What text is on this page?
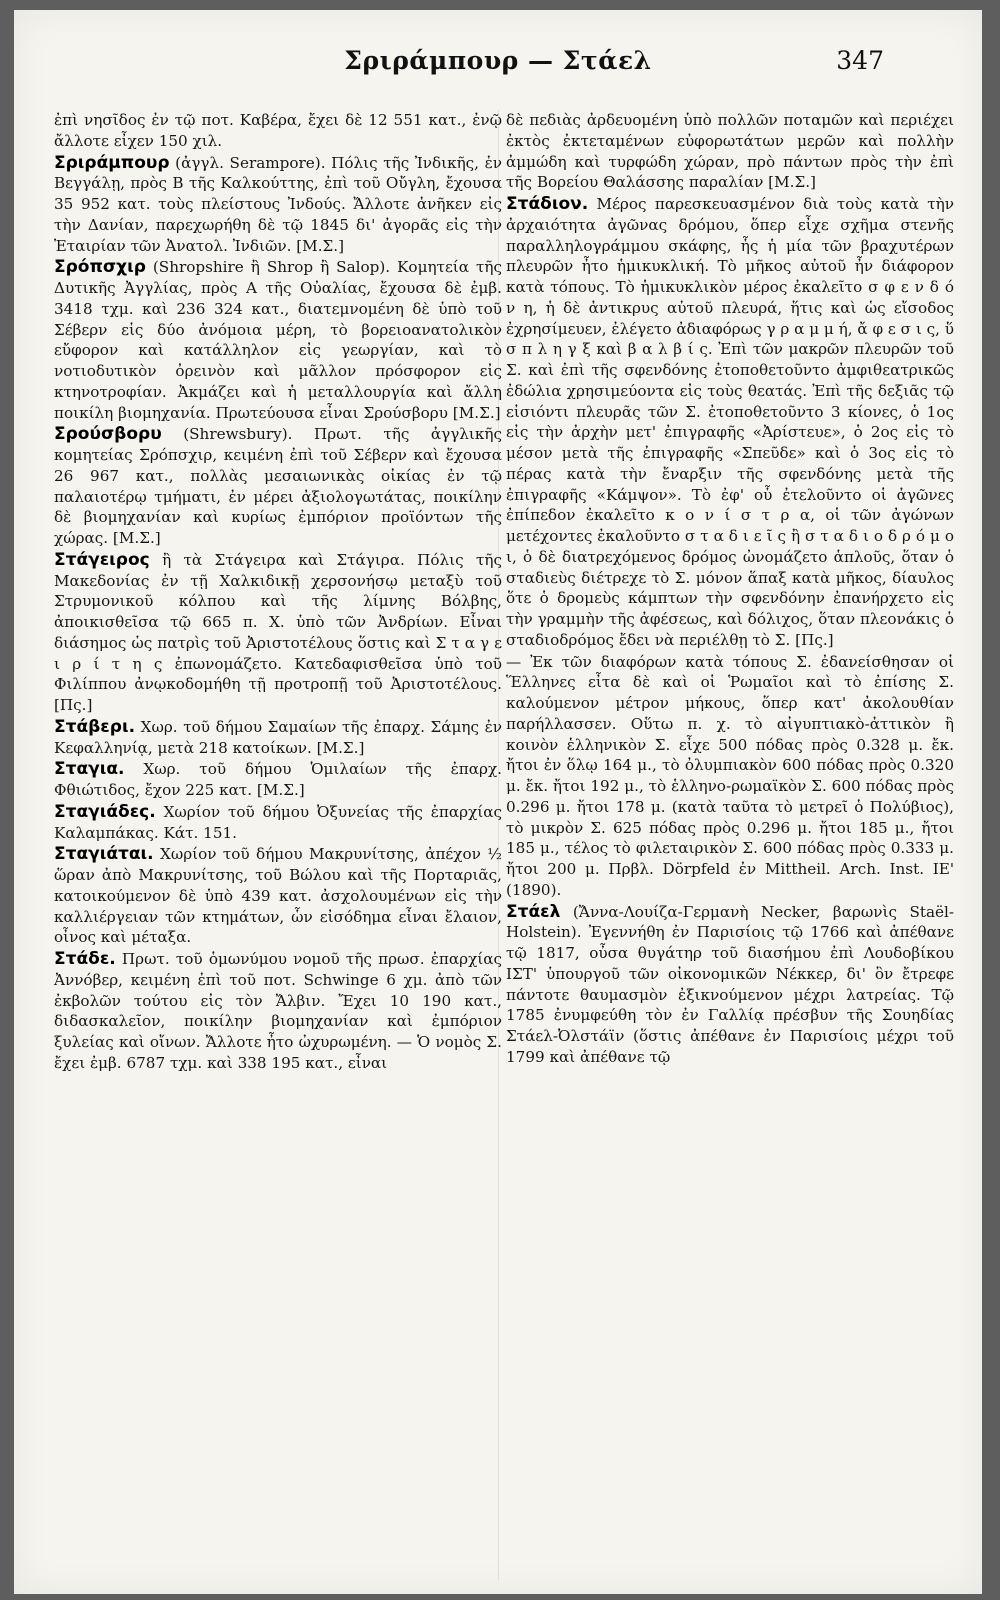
Σριράμπουρ — Στάελ	347

ἐπὶ νησῖδος ἐν τῷ ποτ. Καβέρα, ἔχει δὲ 12 551 κατ., ἐνῷ ἄλλοτε εἶχεν 150 χιλ.

Σριράμπουρ (ἀγγλ. Serampore). Πόλις τῆς Ἰνδικῆς, ἐν Βεγγάλῃ, πρὸς Β τῆς Καλκούττης, ἐπὶ τοῦ Οὔγλη, ἔχουσα 35 952 κατ. τοὺς πλείστους Ἰνδούς. Ἄλλοτε ἀνῆκεν εἰς τὴν Δανίαν, παρεχωρήθη δὲ τῷ 1845 δι' ἀγορᾶς εἰς τὴν Ἑταιρίαν τῶν Ἀνατολ. Ἰνδιῶν. [Μ.Σ.]

Σρόπσχιρ (Shropshire ἢ Shrop ἢ Salop). Κομητεία τῆς Δυτικῆς Ἀγγλίας, πρὸς Α τῆς Οὐαλίας, ἔχουσα δὲ ἐμβ. 3418 τχμ. καὶ 236 324 κατ., διατεμνομένη δὲ ὑπὸ τοῦ Σέβερν εἰς δύο ἀνόμοια μέρη, τὸ βορειοανατολικὸν εὔφορον καὶ κατάλληλον εἰς γεωργίαν, καὶ τὸ νοτιοδυτικὸν ὀρεινὸν καὶ μᾶλλον πρόσφορον εἰς κτηνοτροφίαν. Ἀκμάζει καὶ ἡ μεταλλουργία καὶ ἄλλη ποικίλη βιομηχανία. Πρωτεύουσα εἶναι Σρούσβορυ [Μ.Σ.]

Σρούσβορυ (Shrewsbury). Πρωτ. τῆς ἀγγλικῆς κομητείας Σρόπσχιρ, κειμένη ἐπὶ τοῦ Σέβερν καὶ ἔχουσα 26 967 κατ., πολλὰς μεσαιωνικὰς οἰκίας ἐν τῷ παλαιοτέρῳ τμήματι, ἐν μέρει ἀξιολογωτάτας, ποικίλην δὲ βιομηχανίαν καὶ κυρίως ἐμπόριον προϊόντων τῆς χώρας. [Μ.Σ.]

Στάγειρος ἢ τὰ Στάγειρα καὶ Στάγιρα. Πόλις τῆς Μακεδονίας ἐν τῇ Χαλκιδικῇ χερσονήσῳ μεταξὺ τοῦ Στρυμονικοῦ κόλπου καὶ τῆς λίμνης Βόλβης, ἀποικισθεῖσα τῷ 665 π. Χ. ὑπὸ τῶν Ἀνδρίων. Εἶναι διάσημος ὡς πατρὶς τοῦ Ἀριστοτέλους ὅστις καὶ Σ τ α γ ε ι ρ ί τ η ς ἐπωνομάζετο. Κατεδαφισθεῖσα ὑπὸ τοῦ Φιλίππου ἀνῳκοδομήθη τῇ προτροπῇ τοῦ Ἀριστοτέλους. [Πς.]

Στάβερι. Χωρ. τοῦ δήμου Σαμαίων τῆς ἐπαρχ. Σάμης ἐν Κεφαλληνίᾳ, μετὰ 218 κατοίκων. [Μ.Σ.]

Σταγια. Χωρ. τοῦ δήμου Ὁμιλαίων τῆς ἐπαρχ. Φθιώτιδος, ἔχον 225 κατ. [Μ.Σ.]

Σταγιάδες. Χωρίον τοῦ δήμου Ὀξυνείας τῆς ἐπαρχίας Καλαμπάκας. Κάτ. 151.

Σταγιάται. Χωρίον τοῦ δήμου Μακρυνίτσης, ἀπέχον ½ ὥραν ἀπὸ Μακρυνίτσης, τοῦ Βώλου καὶ τῆς Πορταριᾶς, κατοικούμενον δὲ ὑπὸ 439 κατ. ἀσχολουμένων εἰς τὴν καλλιέργειαν τῶν κτημάτων, ὧν εἰσόδημα εἶναι ἔλαιον, οἶνος καὶ μέταξα.

Στάδε. Πρωτ. τοῦ ὁμωνύμου νομοῦ τῆς πρωσ. ἐπαρχίας Ἀννόβερ, κειμένη ἐπὶ τοῦ ποτ. Schwinge 6 χμ. ἀπὸ τῶν ἐκβολῶν τούτου εἰς τὸν Ἄλβιν. Ἔχει 10 190 κατ., διδασκαλεῖον, ποικίλην βιομηχανίαν καὶ ἐμπόριον ξυλείας καὶ οἴνων. Ἄλλοτε ἦτο ὠχυρωμένη. — Ὁ νομὸς Σ. ἔχει ἐμβ. 6787 τχμ. καὶ 338 195 κατ., εἶναι

δὲ πεδιὰς ἀρδευομένη ὑπὸ πολλῶν ποταμῶν καὶ περιέχει ἐκτὸς ἐκτεταμένων εὐφορωτάτων μερῶν καὶ πολλὴν ἀμμώδη καὶ τυρφώδη χώραν, πρὸ πάντων πρὸς τὴν ἐπὶ τῆς Βορείου Θαλάσσης παραλίαν [Μ.Σ.]

Στάδιον. Μέρος παρεσκευασμένον διὰ τοὺς κατὰ τὴν ἀρχαιότητα ἀγῶνας δρόμου, ὅπερ εἶχε σχῆμα στενῆς παραλληλογράμμου σκάφης, ἧς ἡ μία τῶν βραχυτέρων πλευρῶν ἦτο ἡμικυκλική. Τὸ μῆκος αὐτοῦ ἦν διάφορον κατὰ τόπους. Τὸ ἡμικυκλικὸν μέρος ἐκαλεῖτο σ φ ε ν δ ό ν η, ἡ δὲ ἀντικρυς αὐτοῦ πλευρά, ἥτις καὶ ὡς εἴσοδος ἐχρησίμευεν, ἐλέγετο ἀδιαφόρως γ ρ α μ μ ή, ἄ φ ε σ ι ς, ὕ σ π λ η γ ξ καὶ β α λ β ί ς. Ἐπὶ τῶν μακρῶν πλευρῶν τοῦ Σ. καὶ ἐπὶ τῆς σφενδόνης ἐτοποθετοῦντο ἀμφιθεατρικῶς ἐδώλια χρησιμεύοντα εἰς τοὺς θεατάς. Ἐπὶ τῆς δεξιᾶς τῷ εἰσιόντι πλευρᾶς τῶν Σ. ἐτοποθετοῦντο 3 κίονες, ὁ 1ος εἰς τὴν ἀρχὴν μετ' ἐπιγραφῆς «Ἀρίστευε», ὁ 2ος εἰς τὸ μέσον μετὰ τῆς ἐπιγραφῆς «Σπεῦδε» καὶ ὁ 3ος εἰς τὸ πέρας κατὰ τὴν ἔναρξιν τῆς σφενδόνης μετὰ τῆς ἐπιγραφῆς «Κάμψον». Τὸ ἐφ' οὗ ἐτελοῦντο οἱ ἀγῶνες ἐπίπεδον ἐκαλεῖτο κ ο ν ί σ τ ρ α, οἱ τῶν ἀγώνων μετέχοντες ἐκαλοῦντο σ τ α δ ι ε ῖ ς ἢ σ τ α δ ι ο δ ρ ό μ ο ι, ὁ δὲ διατρεχόμενος δρόμος ὠνομάζετο ἁπλοῦς, ὅταν ὁ σταδιεὺς διέτρεχε τὸ Σ. μόνον ἅπαξ κατὰ μῆκος, δίαυλος ὅτε ὁ δρομεὺς κάμπτων τὴν σφενδόνην ἐπανήρχετο εἰς τὴν γραμμὴν τῆς ἀφέσεως, καὶ δόλιχος, ὅταν πλεονάκις ὁ σταδιοδρόμος ἔδει νὰ περιέλθῃ τὸ Σ. [Πς.]

— Ἐκ τῶν διαφόρων κατὰ τόπους Σ. ἐδανείσθησαν οἱ Ἕλληνες εἶτα δὲ καὶ οἱ Ῥωμαῖοι καὶ τὸ ἐπίσης Σ. καλούμενον μέτρον μήκους, ὅπερ κατ' ἀκολουθίαν παρήλλασσεν. Οὕτω π. χ. τὸ αἰγυπτιακὸ-ἀττικὸν ἢ κοινὸν ἑλληνικὸν Σ. εἶχε 500 πόδας πρὸς 0.328 μ. ἔκ. ἤτοι ἐν ὅλῳ 164 μ., τὸ ὀλυμπιακὸν 600 πόδας πρὸς 0.320 μ. ἔκ. ἤτοι 192 μ., τὸ ἑλληνο-ρωμαϊκὸν Σ. 600 πόδας πρὸς 0.296 μ. ἤτοι 178 μ. (κατὰ ταῦτα τὸ μετρεῖ ὁ Πολύβιος), τὸ μικρὸν Σ. 625 πόδας πρὸς 0.296 μ. ἤτοι 185 μ., ἤτοι 185 μ., τέλος τὸ φιλεταιρικὸν Σ. 600 πόδας πρὸς 0.333 μ. ἤτοι 200 μ. Πρβλ. Dörpfeld ἐν Mittheil. Arch. Inst. ΙΕ' (1890).

Στάελ (Ἄννα-Λουίζα-Γερμανὴ Necker, βαρωνὶς Staël-Holstein). Ἐγεννήθη ἐν Παρισίοις τῷ 1766 καὶ ἀπέθανε τῷ 1817, οὖσα θυγάτηρ τοῦ διασήμου ἐπὶ Λουδοβίκου ΙΣΤ' ὑπουργοῦ τῶν οἰκονομικῶν Νέκκερ, δι' ὃν ἔτρεφε πάντοτε θαυμασμὸν ἐξικνούμενον μέχρι λατρείας. Τῷ 1785 ἐνυμφεύθη τὸν ἐν Γαλλίᾳ πρέσβυν τῆς Σουηδίας Στάελ-Ὀλστάϊν (ὅστις ἀπέθανε ἐν Παρισίοις μέχρι τοῦ 1799 καὶ ἀπέθανε τῷ
